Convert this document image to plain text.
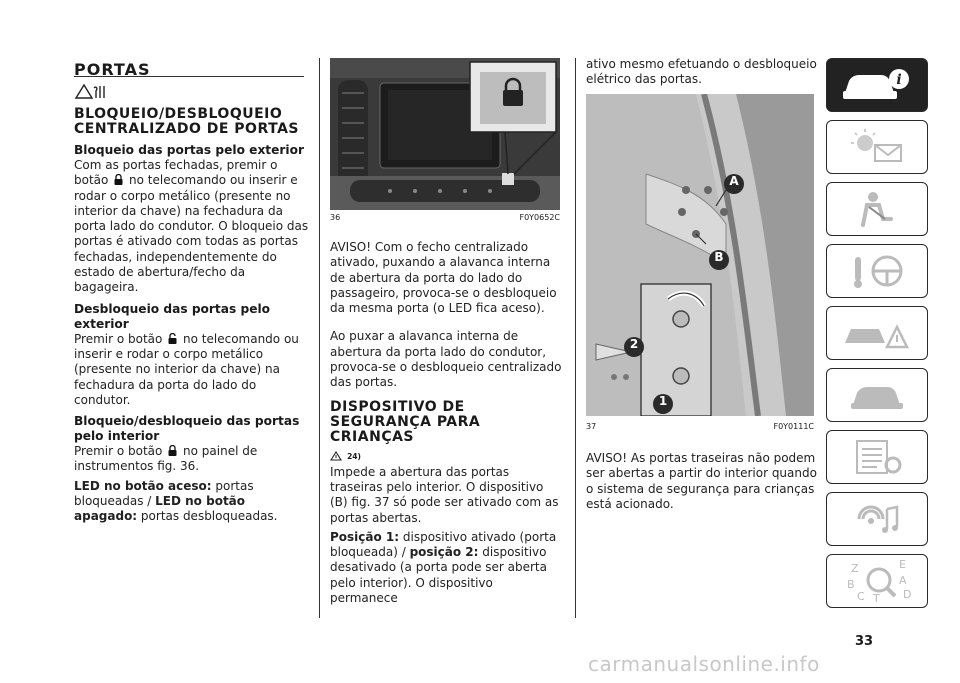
PORTAS

BLOQUEIO/DESBLOQUEIO CENTRALIZADO DE PORTAS

Bloqueio das portas pelo exterior

Com as portas fechadas, premir o
botão no telecomando ou inserir e rodar o corpo metálico (presente no interior da chave) na fechadura da porta lado do condutor. O bloqueio das portas é ativado com todas as portas fechadas, independentemente do estado de abertura/fecho da bagageira.

Desbloqueio das portas pelo exterior

Premir o botão no telecomando ou inserir e rodar o corpo metálico (presente no interior da chave) na fechadura da porta do lado do condutor.

Bloqueio/desbloqueio das portas pelo interior

Premir o botão no painel de instrumentos fig. 36.

LED no botão aceso: portas bloqueadas / LED no botão apagado: portas desbloqueadas.

36	F0Y0652C

AVISO! Com o fecho centralizado ativado, puxando a alavanca interna de abertura da porta do lado do passageiro, provoca-se o desbloqueio da mesma porta (o LED fica aceso).

Ao puxar a alavanca interna de abertura da porta lado do condutor, provoca-se o desbloqueio centralizado das portas.

DISPOSITIVO DE SEGURANÇA PARA CRIANÇAS

$^{24)}$

Impede a abertura das portas traseiras pelo interior. O dispositivo (B) fig. 37 só pode ser ativado com as portas abertas.

Posição 1: dispositivo ativado (porta bloqueada) / posição 2: dispositivo desativado (a porta pode ser aberta pelo interior). O dispositivo permanece

ativo mesmo efetuando o desbloqueio elétrico das portas.

A
B
2
1
37	F0Y0111C

AVISO! As portas traseiras não podem ser abertas a partir do interior quando o sistema de segurança para crianças está acionado.

i
Z	E
B	A
C T D
33
carmanualsonline.info
